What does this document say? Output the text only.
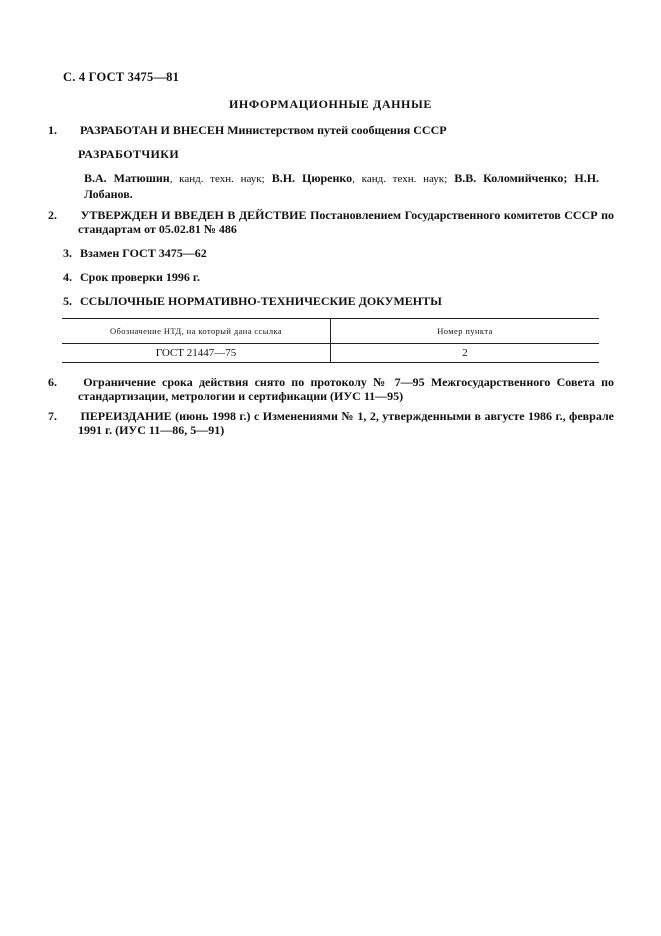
С. 4 ГОСТ 3475—81
ИНФОРМАЦИОННЫЕ ДАННЫЕ
1. РАЗРАБОТАН И ВНЕСЕН Министерством путей сообщения СССР
РАЗРАБОТЧИКИ
В.А. Матюшин, канд. техн. наук; В.Н. Цюренко, канд. техн. наук; В.В. Коломийченко; Н.Н. Лобанов.
2. УТВЕРЖДЕН И ВВЕДЕН В ДЕЙСТВИЕ Постановлением Государственного комитетов СССР по стандартам от 05.02.81 № 486
3. Взамен ГОСТ 3475—62
4. Срок проверки 1996 г.
5. ССЫЛОЧНЫЕ НОРМАТИВНО-ТЕХНИЧЕСКИЕ ДОКУМЕНТЫ
Обозначение НТД, на который дана ссылка	Номер пункта
ГОСТ 21447—75	2
6. Ограничение срока действия снято по протоколу № 7—95 Межгосударственного Совета по стандартизации, метрологии и сертификации (ИУС 11—95)
7. ПЕРЕИЗДАНИЕ (июнь 1998 г.) с Изменениями № 1, 2, утвержденными в августе 1986 г., феврале 1991 г. (ИУС 11—86, 5—91)
